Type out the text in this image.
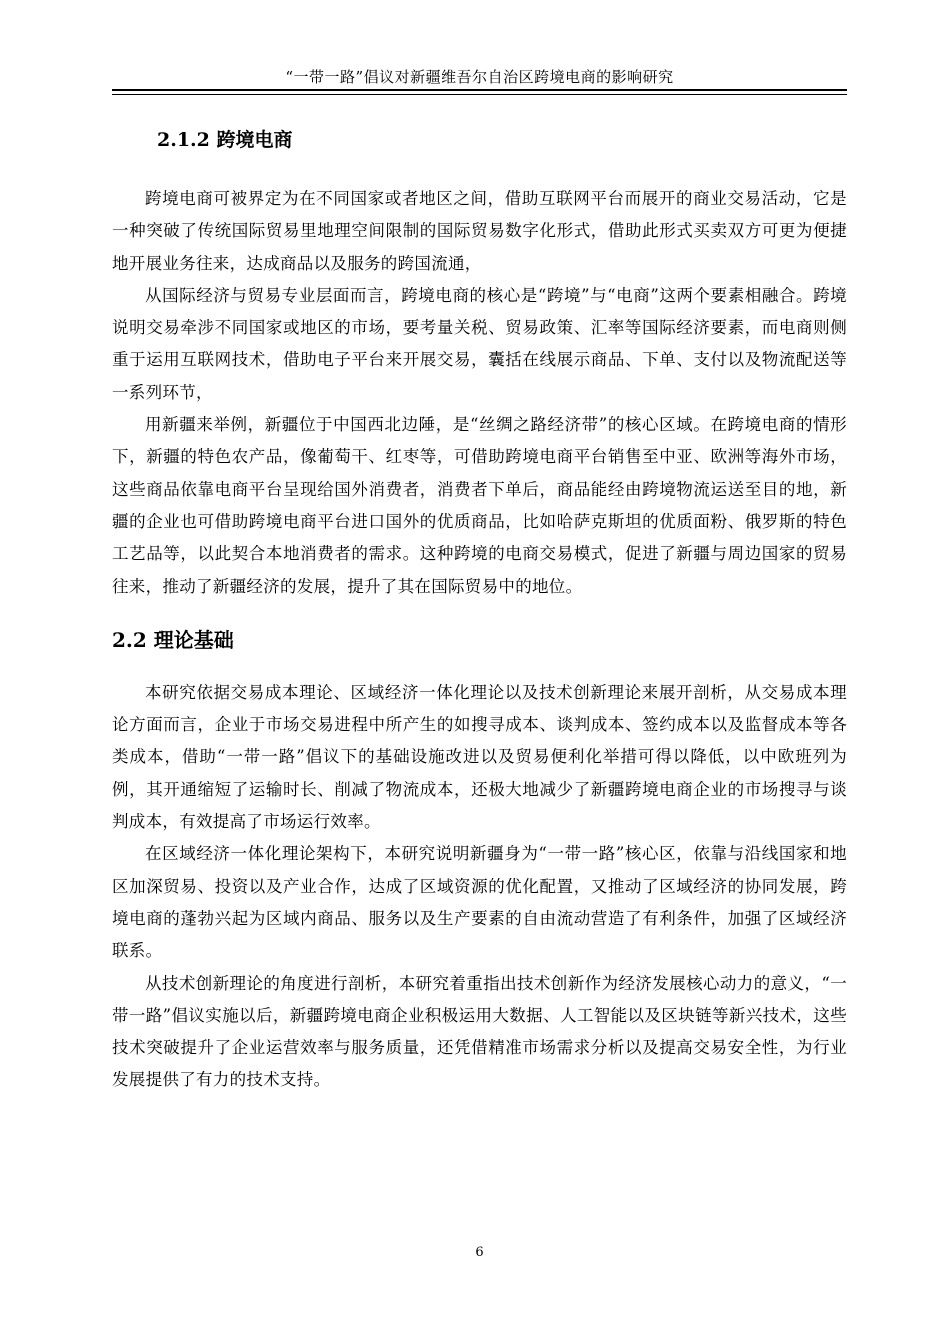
“一带一路”倡议对新疆维吾尔自治区跨境电商的影响研究
2.1.2 跨境电商

跨境电商可被界定为在不同国家或者地区之间，借助互联网平台而展开的商业交易活动，它是一种突破了传统国际贸易里地理空间限制的国际贸易数字化形式，借助此形式买卖双方可更为便捷地开展业务往来，达成商品以及服务的跨国流通，

从国际经济与贸易专业层面而言，跨境电商的核心是“跨境”与“电商”这两个要素相融合。跨境说明交易牵涉不同国家或地区的市场，要考量关税、贸易政策、汇率等国际经济要素，而电商则侧重于运用互联网技术，借助电子平台来开展交易，囊括在线展示商品、下单、支付以及物流配送等一系列环节，

用新疆来举例，新疆位于中国西北边陲，是“丝绸之路经济带”的核心区域。在跨境电商的情形下，新疆的特色农产品，像葡萄干、红枣等，可借助跨境电商平台销售至中亚、欧洲等海外市场，这些商品依靠电商平台呈现给国外消费者，消费者下单后，商品能经由跨境物流运送至目的地，新疆的企业也可借助跨境电商平台进口国外的优质商品，比如哈萨克斯坦的优质面粉、俄罗斯的特色工艺品等，以此契合本地消费者的需求。这种跨境的电商交易模式，促进了新疆与周边国家的贸易往来，推动了新疆经济的发展，提升了其在国际贸易中的地位。

2.2 理论基础

本研究依据交易成本理论、区域经济一体化理论以及技术创新理论来展开剖析，从交易成本理论方面而言，企业于市场交易进程中所产生的如搜寻成本、谈判成本、签约成本以及监督成本等各类成本，借助“一带一路”倡议下的基础设施改进以及贸易便利化举措可得以降低，以中欧班列为例，其开通缩短了运输时长、削减了物流成本，还极大地减少了新疆跨境电商企业的市场搜寻与谈判成本，有效提高了市场运行效率。

在区域经济一体化理论架构下，本研究说明新疆身为“一带一路”核心区，依靠与沿线国家和地区加深贸易、投资以及产业合作，达成了区域资源的优化配置，又推动了区域经济的协同发展，跨境电商的蓬勃兴起为区域内商品、服务以及生产要素的自由流动营造了有利条件，加强了区域经济联系。

从技术创新理论的角度进行剖析，本研究着重指出技术创新作为经济发展核心动力的意义，“一带一路”倡议实施以后，新疆跨境电商企业积极运用大数据、人工智能以及区块链等新兴技术，这些技术突破提升了企业运营效率与服务质量，还凭借精准市场需求分析以及提高交易安全性，为行业发展提供了有力的技术支持。

6
